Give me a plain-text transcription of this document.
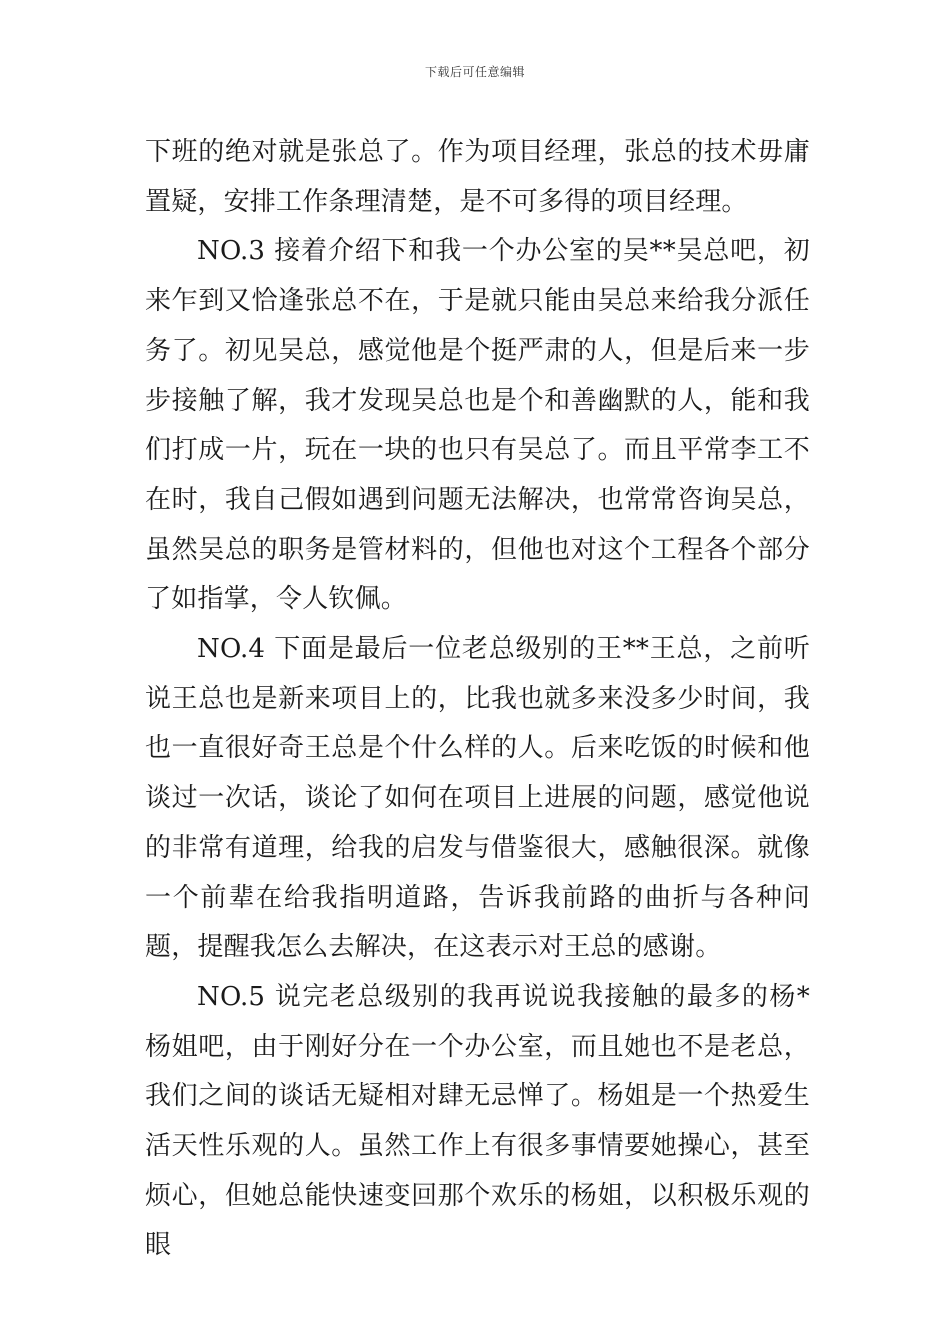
下载后可任意编辑

下班的绝对就是张总了。作为项目经理，张总的技术毋庸置疑，安排工作条理清楚，是不可多得的项目经理。

NO.3 接着介绍下和我一个办公室的吴**吴总吧，初来乍到又恰逢张总不在，于是就只能由吴总来给我分派任务了。初见吴总，感觉他是个挺严肃的人，但是后来一步步接触了解，我才发现吴总也是个和善幽默的人，能和我们打成一片，玩在一块的也只有吴总了。而且平常李工不在时，我自己假如遇到问题无法解决，也常常咨询吴总，虽然吴总的职务是管材料的，但他也对这个工程各个部分了如指掌，令人钦佩。

NO.4 下面是最后一位老总级别的王**王总，之前听说王总也是新来项目上的，比我也就多来没多少时间，我也一直很好奇王总是个什么样的人。后来吃饭的时候和他谈过一次话，谈论了如何在项目上进展的问题，感觉他说的非常有道理，给我的启发与借鉴很大，感触很深。就像一个前辈在给我指明道路，告诉我前路的曲折与各种问题，提醒我怎么去解决，在这表示对王总的感谢。

NO.5 说完老总级别的我再说说我接触的最多的杨*杨姐吧，由于刚好分在一个办公室，而且她也不是老总，我们之间的谈话无疑相对肆无忌惮了。杨姐是一个热爱生活天性乐观的人。虽然工作上有很多事情要她操心，甚至烦心，但她总能快速变回那个欢乐的杨姐，以积极乐观的眼
